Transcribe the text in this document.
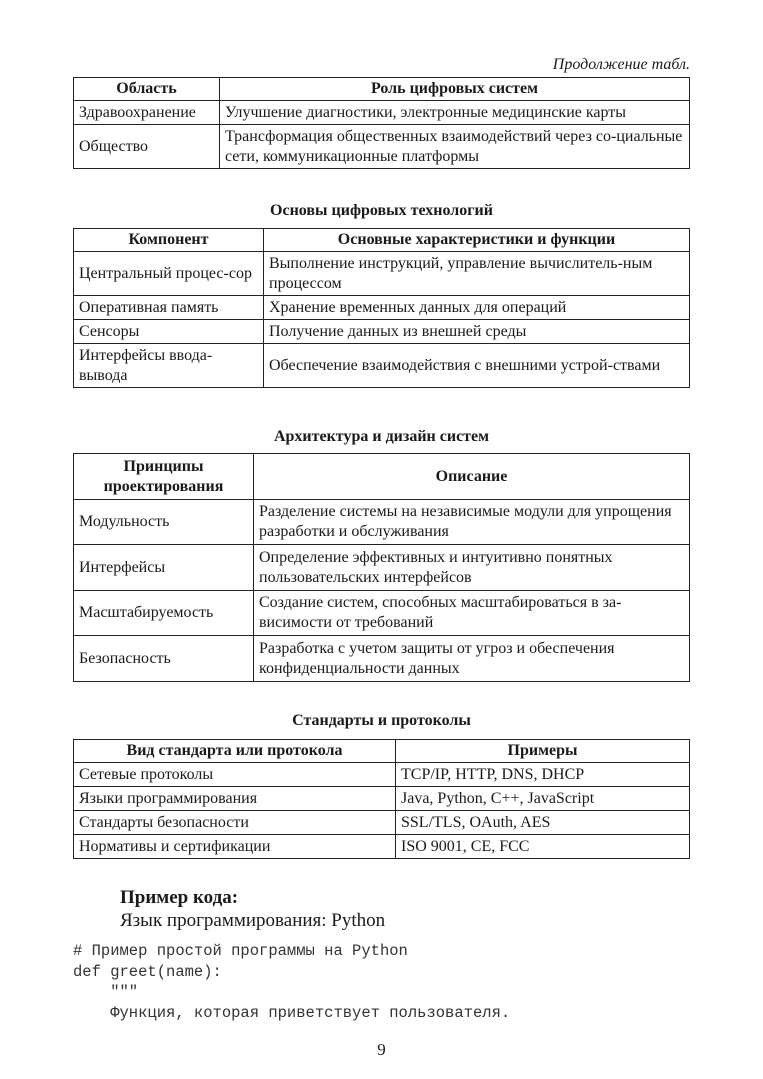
Продолжение табл.
Область	Роль цифровых систем
Здравоохранение	Улучшение диагностики, электронные медицинские карты
Общество	Трансформация общественных взаимодействий через со-циальные сети, коммуникационные платформы
Основы цифровых технологий
Компонент	Основные характеристики и функции
Центральный процес-сор	Выполнение инструкций, управление вычислитель-ным процессом
Оперативная память	Хранение временных данных для операций
Сенсоры	Получение данных из внешней среды
Интерфейсы ввода-вывода	Обеспечение взаимодействия с внешними устрой-ствами
Архитектура и дизайн систем
Принципы проектирования	Описание
Модульность	Разделение системы на независимые модули для упрощения разработки и обслуживания
Интерфейсы	Определение эффективных и интуитивно понятных пользовательских интерфейсов
Масштабируемость	Создание систем, способных масштабироваться в за-висимости от требований
Безопасность	Разработка с учетом защиты от угроз и обеспечения конфиденциальности данных
Стандарты и протоколы
Вид стандарта или протокола	Примеры
Сетевые протоколы	TCP/IP, HTTP, DNS, DHCP
Языки программирования	Java, Python, C++, JavaScript
Стандарты безопасности	SSL/TLS, OAuth, AES
Нормативы и сертификации	ISO 9001, CE, FCC
Пример кода:
Язык программирования: Python
# Пример простой программы на Python
def greet(name):
"""
Функция, которая приветствует пользователя.
9
